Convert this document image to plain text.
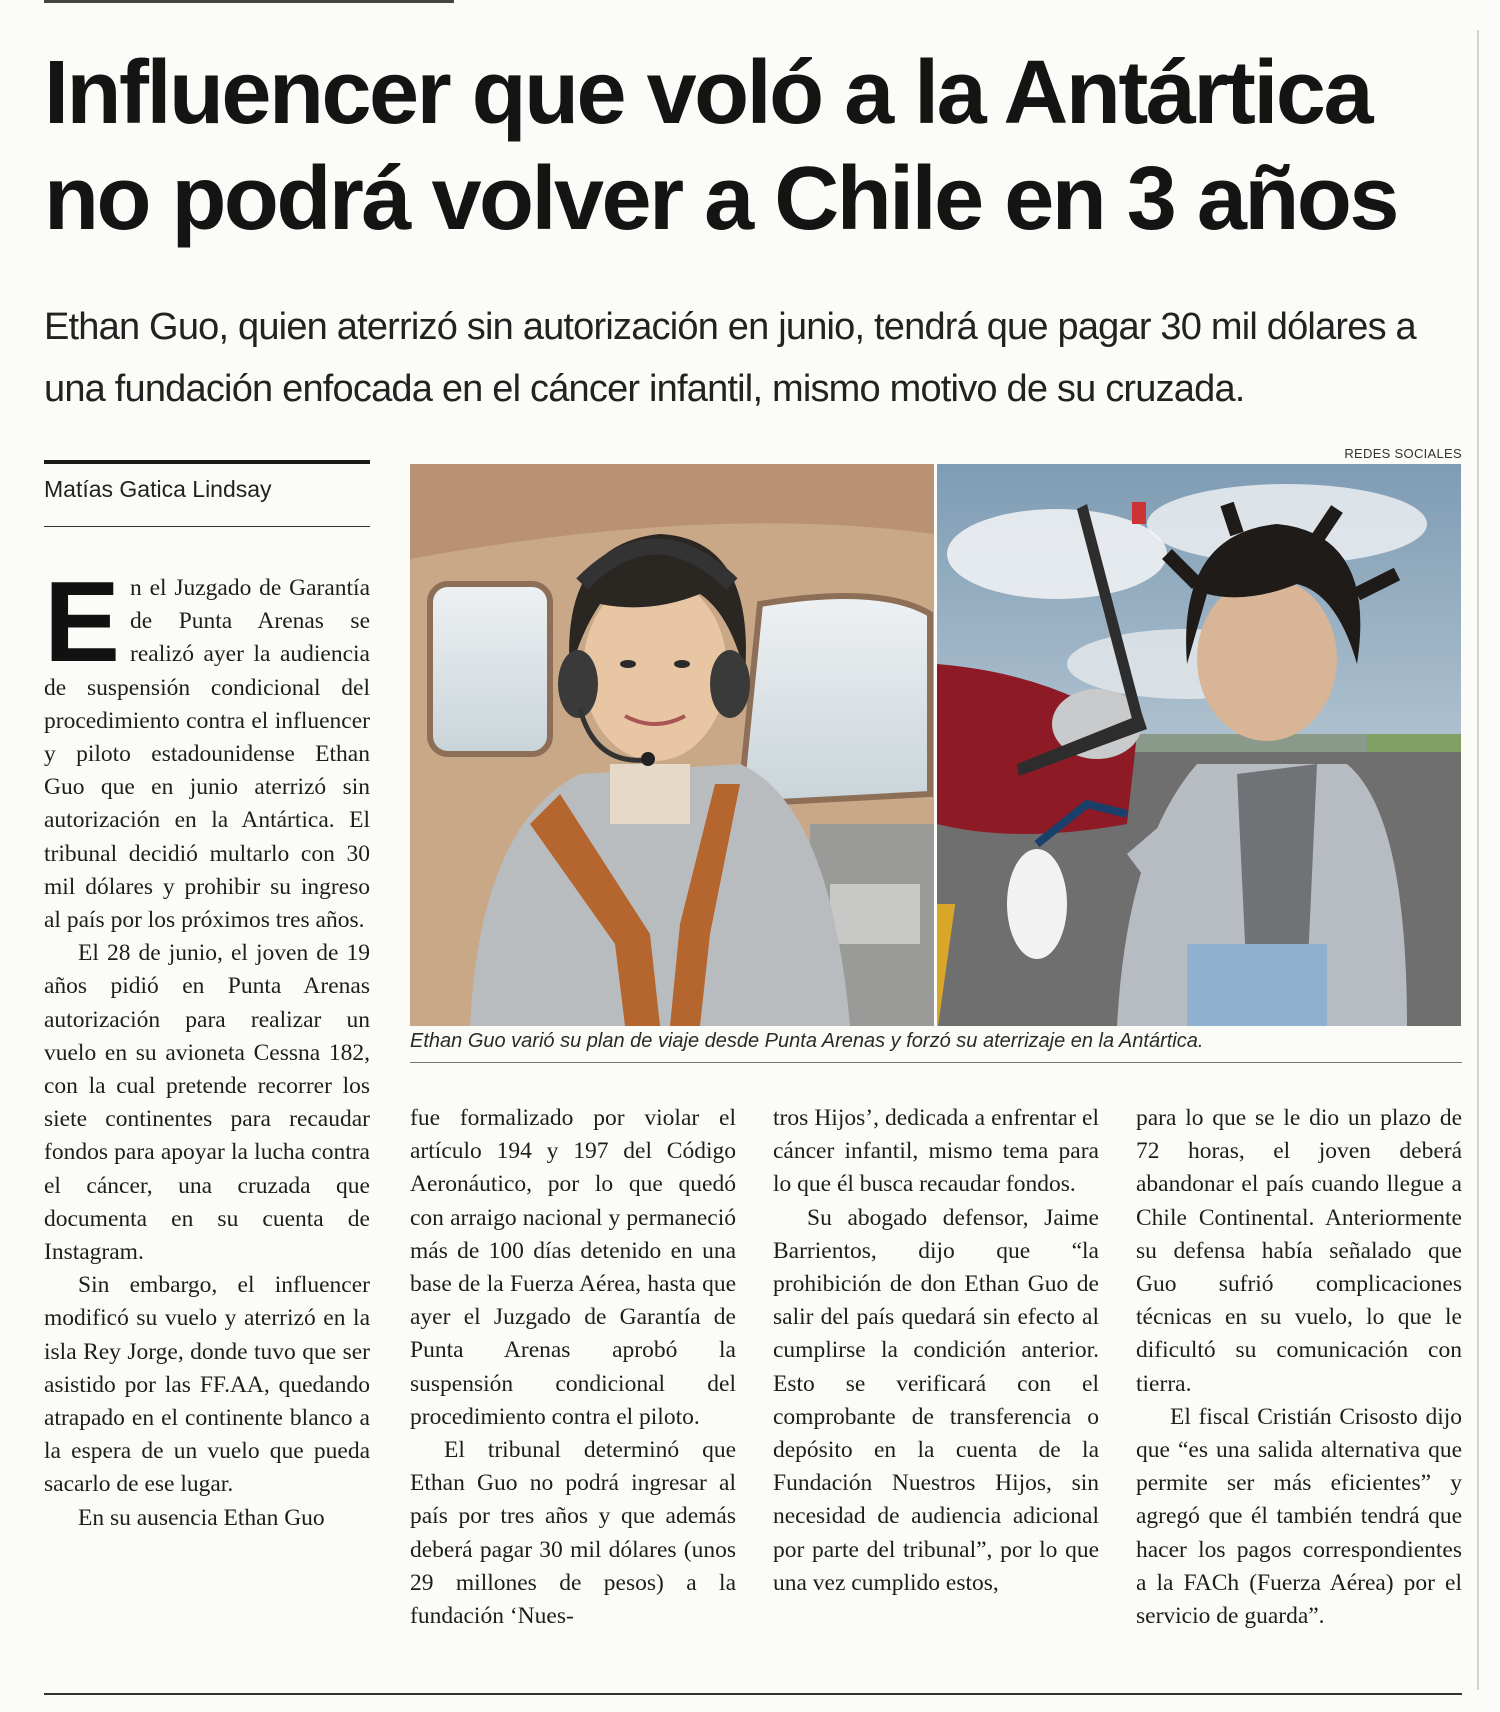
Influencer que voló a la Antártica
no podrá volver a Chile en 3 años
Ethan Guo, quien aterrizó sin autorización en junio, tendrá que pagar 30 mil dólares a
una fundación enfocada en el cáncer infantil, mismo motivo de su cruzada.
Matías Gatica Lindsay
REDES SOCIALES
Ethan Guo varió su plan de viaje desde Punta Arenas y forzó su aterrizaje en la Antártica.

En el Juzgado de Garantía de Punta Arenas se realizó ayer la audiencia de suspensión condicional del procedimiento contra el influencer y piloto estadounidense Ethan Guo que en junio aterrizó sin autorización en la Antártica. El tribunal decidió multarlo con 30 mil dólares y prohibir su ingreso al país por los próximos tres años.

El 28 de junio, el joven de 19 años pidió en Punta Arenas autorización para realizar un vuelo en su avioneta Cessna 182, con la cual pretende recorrer los siete continentes para recaudar fondos para apoyar la lucha contra el cáncer, una cruzada que documenta en su cuenta de Instagram.

Sin embargo, el influencer modificó su vuelo y aterrizó en la isla Rey Jorge, donde tuvo que ser asistido por las FF.AA, quedando atrapado en el continente blanco a la espera de un vuelo que pueda sacarlo de ese lugar.

En su ausencia Ethan Guo

fue formalizado por violar el artículo 194 y 197 del Código Aeronáutico, por lo que quedó con arraigo nacional y permaneció más de 100 días detenido en una base de la Fuerza Aérea, hasta que ayer el Juzgado de Garantía de Punta Arenas aprobó la suspensión condicional del procedimiento contra el piloto.

El tribunal determinó que Ethan Guo no podrá ingresar al país por tres años y que además deberá pagar 30 mil dólares (unos 29 millones de pesos) a la fundación ‘Nues-

tros Hijos’, dedicada a enfrentar el cáncer infantil, mismo tema para lo que él busca recaudar fondos.

Su abogado defensor, Jaime Barrientos, dijo que “la prohibición de don Ethan Guo de salir del país quedará sin efecto al cumplirse la condición anterior. Esto se verificará con el comprobante de transferencia o depósito en la cuenta de la Fundación Nuestros Hijos, sin necesidad de audiencia adicional por parte del tribunal”, por lo que una vez cumplido estos,

para lo que se le dio un plazo de 72 horas, el joven deberá abandonar el país cuando llegue a Chile Continental. Anteriormente su defensa había señalado que Guo sufrió complicaciones técnicas en su vuelo, lo que le dificultó su comunicación con tierra.

El fiscal Cristián Crisosto dijo que “es una salida alternativa que permite ser más eficientes” y agregó que él también tendrá que hacer los pagos correspondientes a la FACh (Fuerza Aérea) por el servicio de guarda”.
